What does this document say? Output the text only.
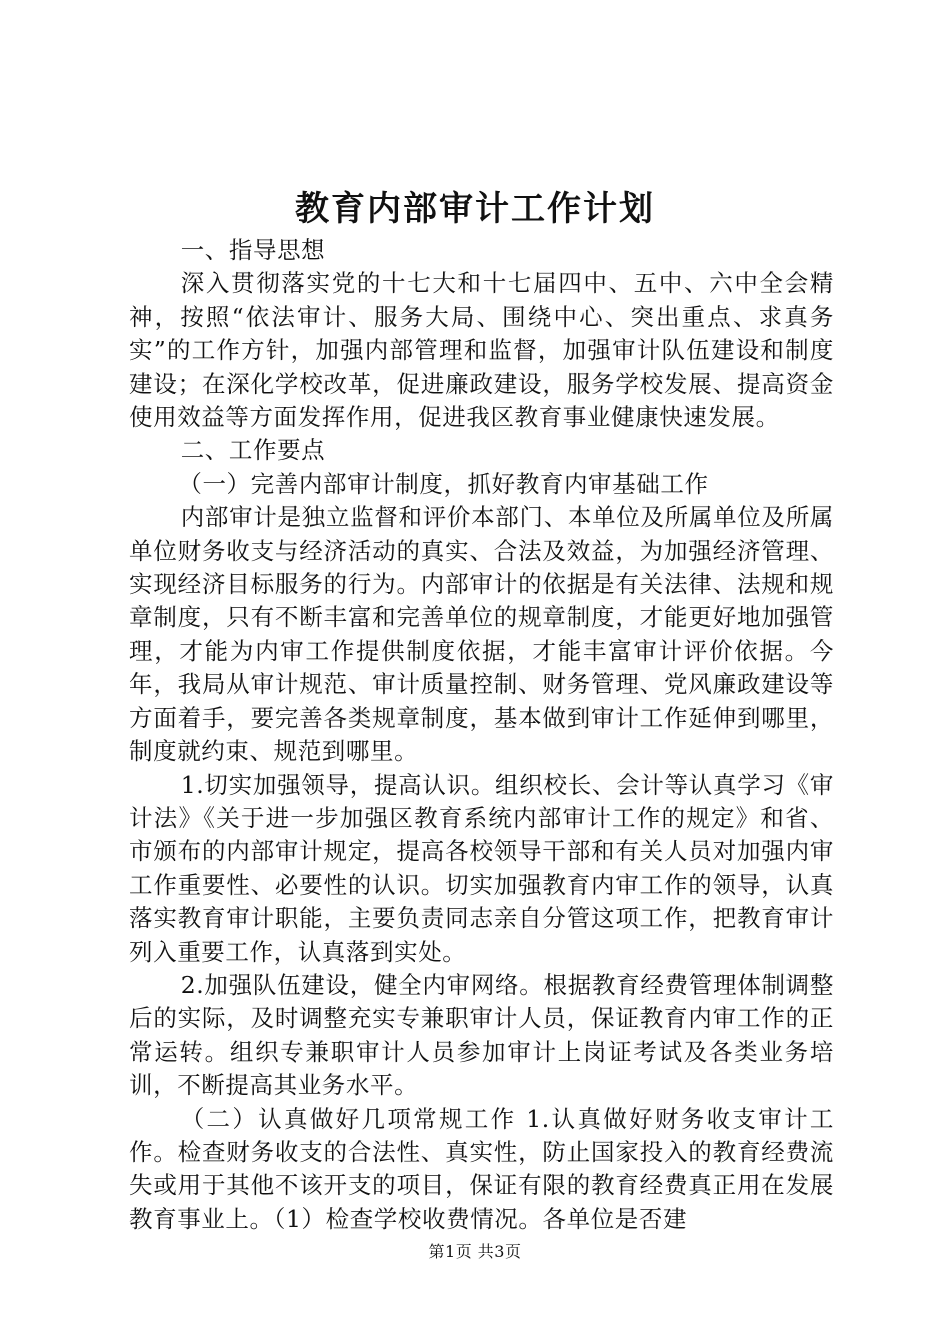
教育内部审计工作计划

一、指导思想

深入贯彻落实党的十七大和十七届四中、五中、六中全会精神，按照“依法审计、服务大局、围绕中心、突出重点、求真务实”的工作方针，加强内部管理和监督，加强审计队伍建设和制度建设；在深化学校改革，促进廉政建设，服务学校发展、提高资金使用效益等方面发挥作用，促进我区教育事业健康快速发展。

二、工作要点

（一）完善内部审计制度，抓好教育内审基础工作

内部审计是独立监督和评价本部门、本单位及所属单位及所属单位财务收支与经济活动的真实、合法及效益，为加强经济管理、实现经济目标服务的行为。内部审计的依据是有关法律、法规和规章制度，只有不断丰富和完善单位的规章制度，才能更好地加强管理，才能为内审工作提供制度依据，才能丰富审计评价依据。今年，我局从审计规范、审计质量控制、财务管理、党风廉政建设等方面着手，要完善各类规章制度，基本做到审计工作延伸到哪里，制度就约束、规范到哪里。

1.切实加强领导，提高认识。组织校长、会计等认真学习《审计法》《关于进一步加强区教育系统内部审计工作的规定》和省、市颁布的内部审计规定，提高各校领导干部和有关人员对加强内审工作重要性、必要性的认识。切实加强教育内审工作的领导，认真落实教育审计职能，主要负责同志亲自分管这项工作，把教育审计列入重要工作，认真落到实处。

2.加强队伍建设，健全内审网络。根据教育经费管理体制调整后的实际，及时调整充实专兼职审计人员，保证教育内审工作的正常运转。组织专兼职审计人员参加审计上岗证考试及各类业务培训，不断提高其业务水平。

（二）认真做好几项常规工作 1.认真做好财务收支审计工作。检查财务收支的合法性、真实性，防止国家投入的教育经费流失或用于其他不该开支的项目，保证有限的教育经费真正用在发展教育事业上。（1）检查学校收费情况。各单位是否建

第1页 共3页
